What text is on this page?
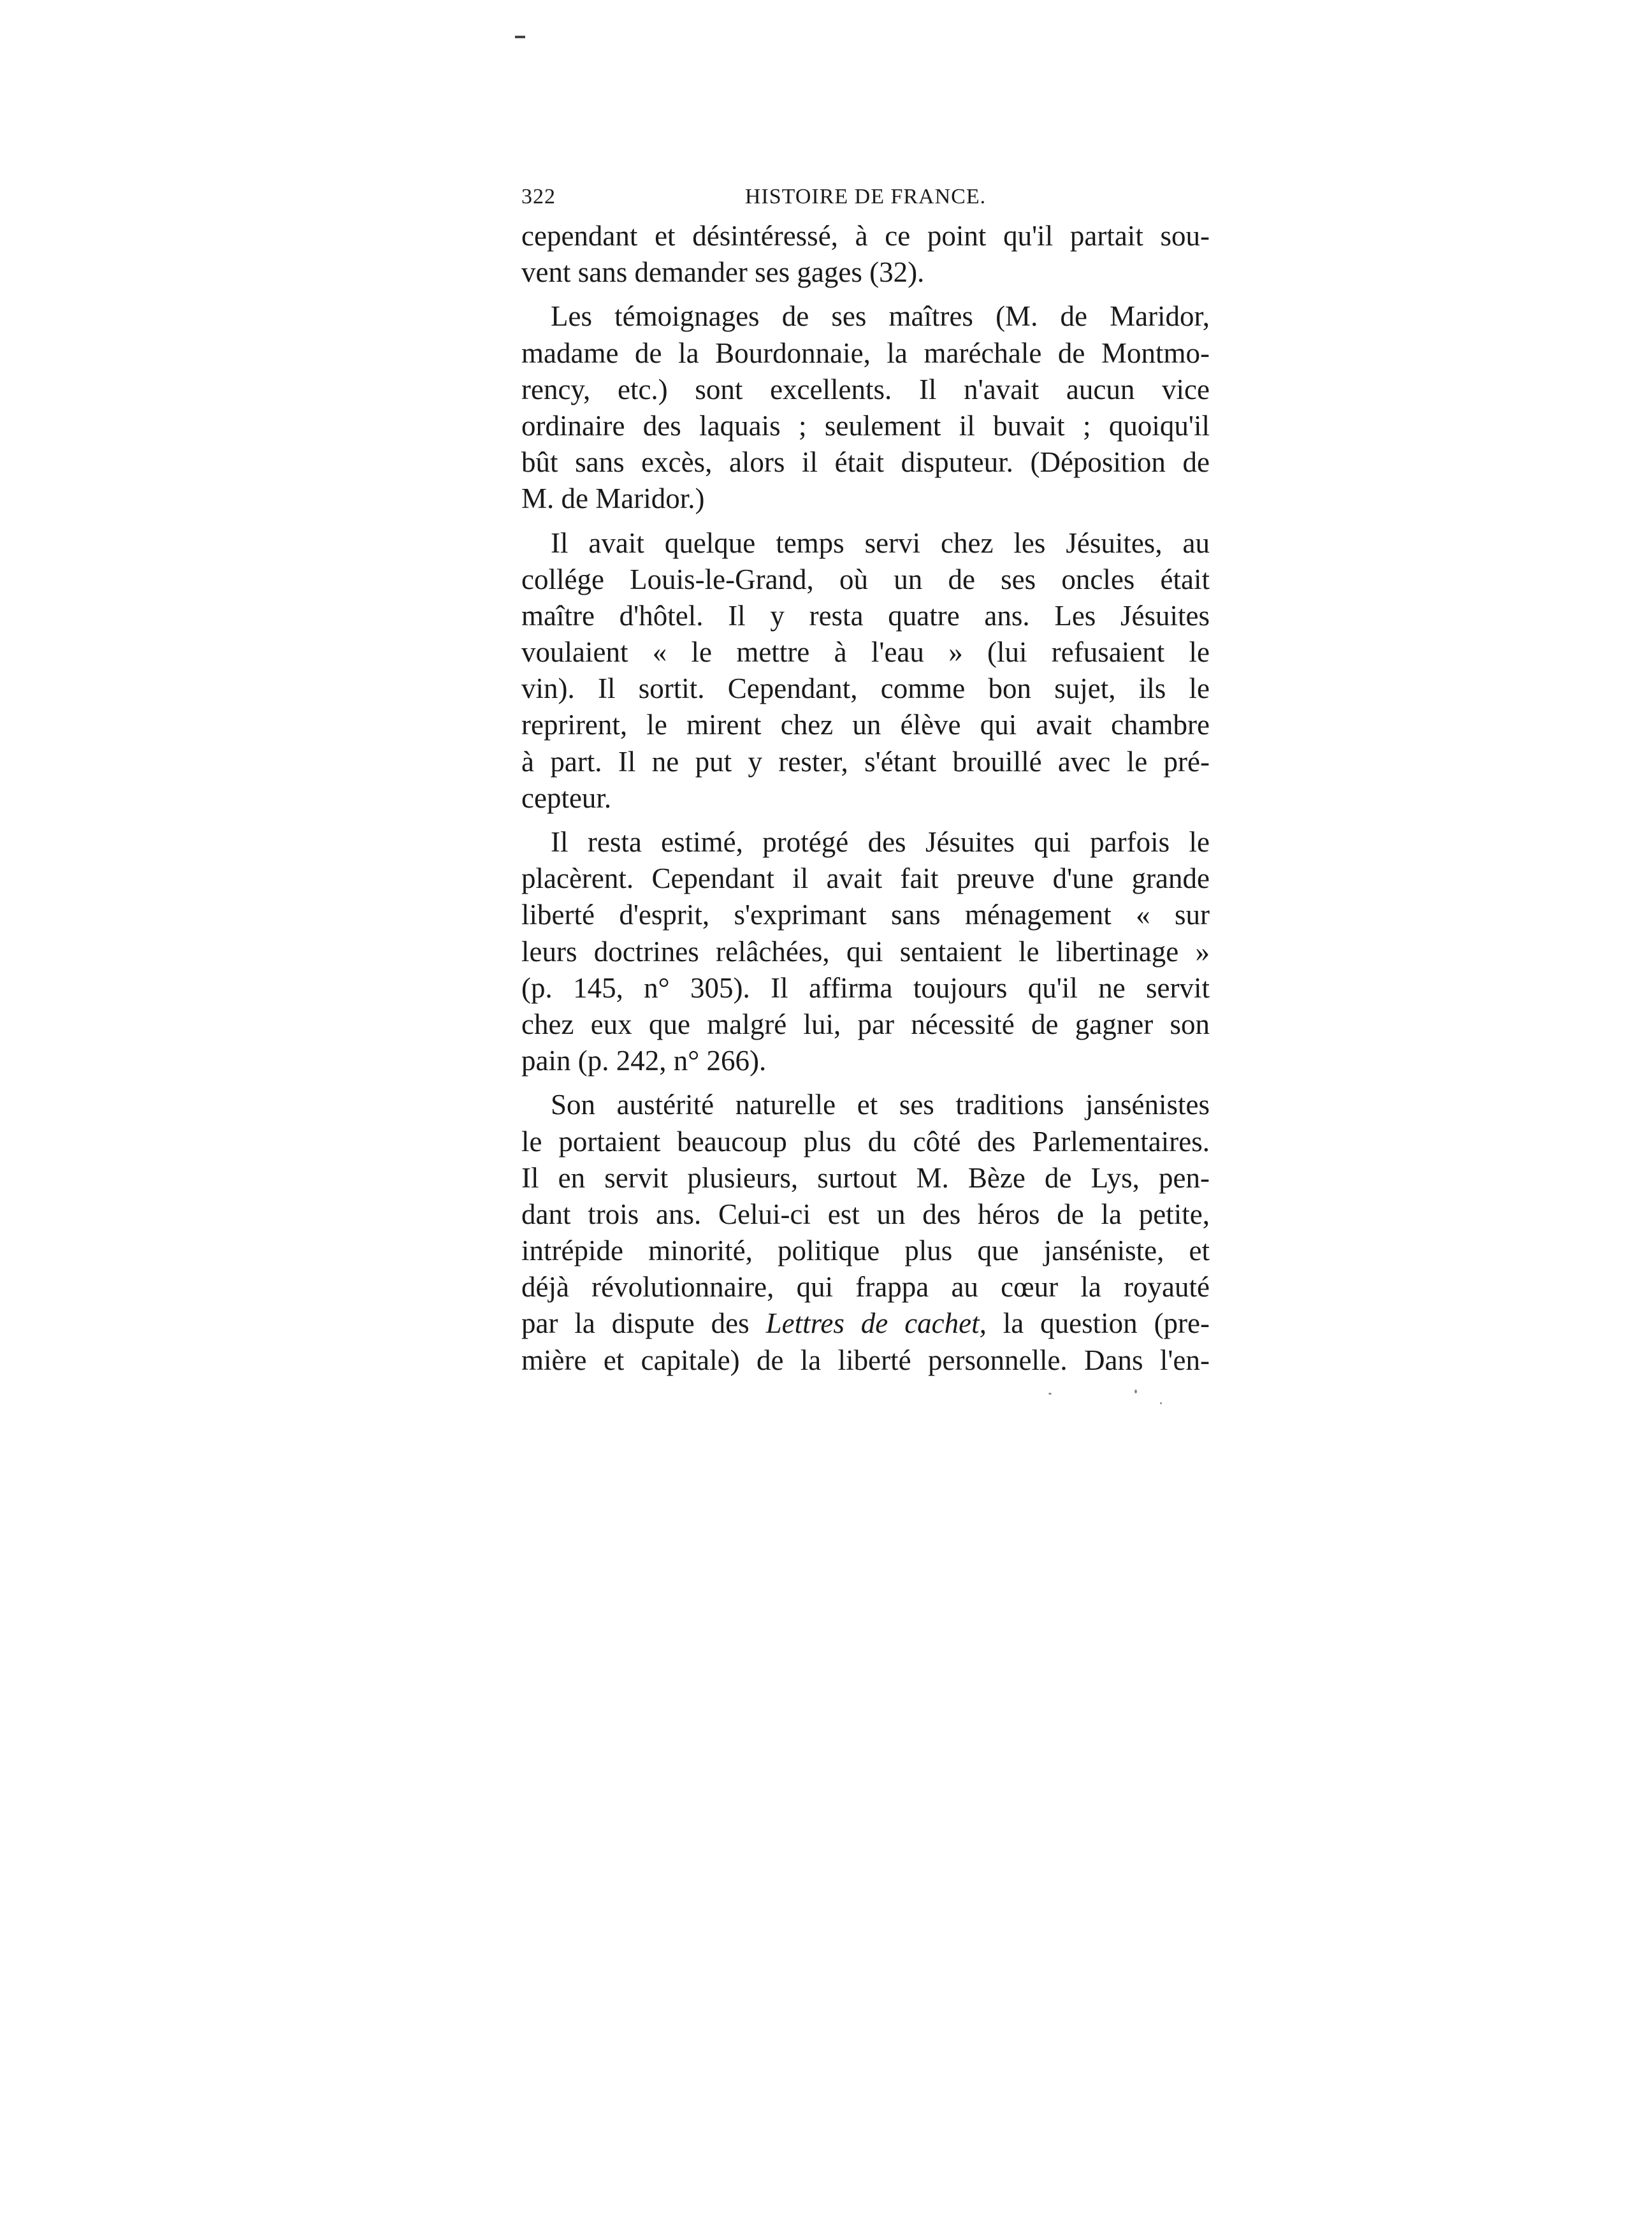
322	HISTOIRE DE FRANCE.
cependant et désintéressé, à ce point qu'il partait sou-
vent sans demander ses gages (32).
Les témoignages de ses maîtres (M. de Maridor,
madame de la Bourdonnaie, la maréchale de Montmo-
rency, etc.) sont excellents. Il n'avait aucun vice
ordinaire des laquais ; seulement il buvait ; quoiqu'il
bût sans excès, alors il était disputeur. (Déposition de
M. de Maridor.)
Il avait quelque temps servi chez les Jésuites, au
collége Louis-le-Grand, où un de ses oncles était
maître d'hôtel. Il y resta quatre ans. Les Jésuites
voulaient « le mettre à l'eau » (lui refusaient le
vin). Il sortit. Cependant, comme bon sujet, ils le
reprirent, le mirent chez un élève qui avait chambre
à part. Il ne put y rester, s'étant brouillé avec le pré-
cepteur.
Il resta estimé, protégé des Jésuites qui parfois le
placèrent. Cependant il avait fait preuve d'une grande
liberté d'esprit, s'exprimant sans ménagement « sur
leurs doctrines relâchées, qui sentaient le libertinage »
(p. 145, n° 305). Il affirma toujours qu'il ne servit
chez eux que malgré lui, par nécessité de gagner son
pain (p. 242, n° 266).
Son austérité naturelle et ses traditions jansénistes
le portaient beaucoup plus du côté des Parlementaires.
Il en servit plusieurs, surtout M. Bèze de Lys, pen-
dant trois ans. Celui-ci est un des héros de la petite,
intrépide minorité, politique plus que janséniste, et
déjà révolutionnaire, qui frappa au cœur la royauté
par la dispute des Lettres de cachet, la question (pre-
mière et capitale) de la liberté personnelle. Dans l'en-
